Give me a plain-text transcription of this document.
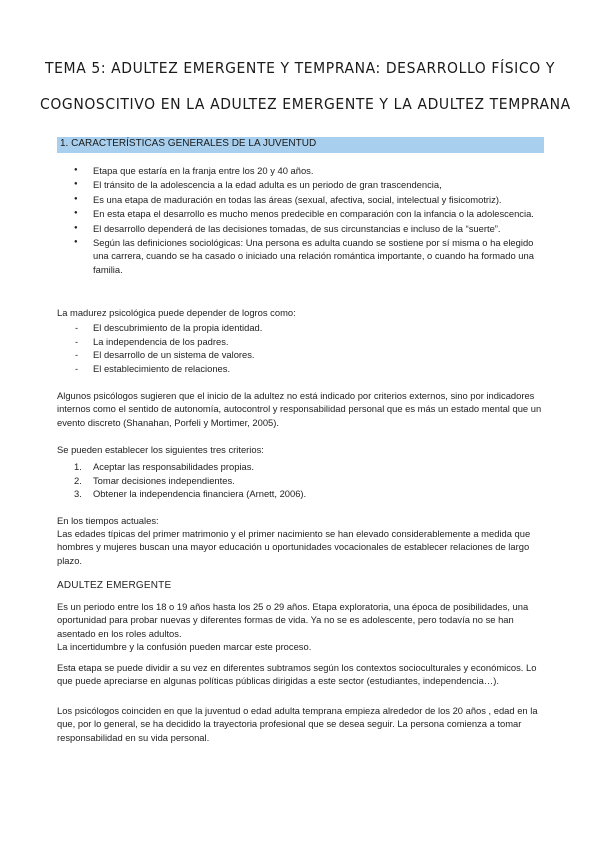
TEMA 5: ADULTEZ EMERGENTE Y TEMPRANA: DESARROLLO FÍSICO Y
COGNOSCITIVO EN LA ADULTEZ EMERGENTE Y LA ADULTEZ TEMPRANA
1. CARACTERÍSTICAS GENERALES DE LA JUVENTUD
● Etapa que estaría en la franja entre los 20 y 40 años.
● El tránsito de la adolescencia a la edad adulta es un periodo de gran trascendencia,
● Es una etapa de maduración en todas las áreas (sexual, afectiva, social, intelectual y fisicomotriz).
● En esta etapa el desarrollo es mucho menos predecible en comparación con la infancia o la adolescencia.
● El desarrollo dependerá de las decisiones tomadas, de sus circunstancias e incluso de la “suerte”.
● Según las definiciones sociológicas: Una persona es adulta cuando se sostiene por sí misma o ha elegido una carrera, cuando se ha casado o iniciado una relación romántica importante, o cuando ha formado una familia.
La madurez psicológica puede depender de logros como:
- El descubrimiento de la propia identidad.
- La independencia de los padres.
- El desarrollo de un sistema de valores.
- El establecimiento de relaciones.
Algunos psicólogos sugieren que el inicio de la adultez no está indicado por criterios externos, sino por indicadores internos como el sentido de autonomía, autocontrol y responsabilidad personal que es más un estado mental que un evento discreto (Shanahan, Porfeli y Mortimer, 2005).
Se pueden establecer los siguientes tres criterios:
1. Aceptar las responsabilidades propias.
2. Tomar decisiones independientes.
3. Obtener la independencia financiera (Arnett, 2006).
En los tiempos actuales:
Las edades típicas del primer matrimonio y el primer nacimiento se han elevado considerablemente a medida que hombres y mujeres buscan una mayor educación u oportunidades vocacionales de establecer relaciones de largo plazo.
ADULTEZ EMERGENTE
Es un periodo entre los 18 o 19 años hasta los 25 o 29 años. Etapa exploratoria, una época de posibilidades, una oportunidad para probar nuevas y diferentes formas de vida. Ya no se es adolescente, pero todavía no se han asentado en los roles adultos.
La incertidumbre y la confusión pueden marcar este proceso.
Esta etapa se puede dividir a su vez en diferentes subtramos según los contextos socioculturales y económicos. Lo que puede apreciarse en algunas políticas públicas dirigidas a este sector (estudiantes, independencia…).
Los psicólogos coinciden en que la juventud o edad adulta temprana empieza alrededor de los 20 años , edad en la que, por lo general, se ha decidido la trayectoria profesional que se desea seguir. La persona comienza a tomar responsabilidad en su vida personal.
